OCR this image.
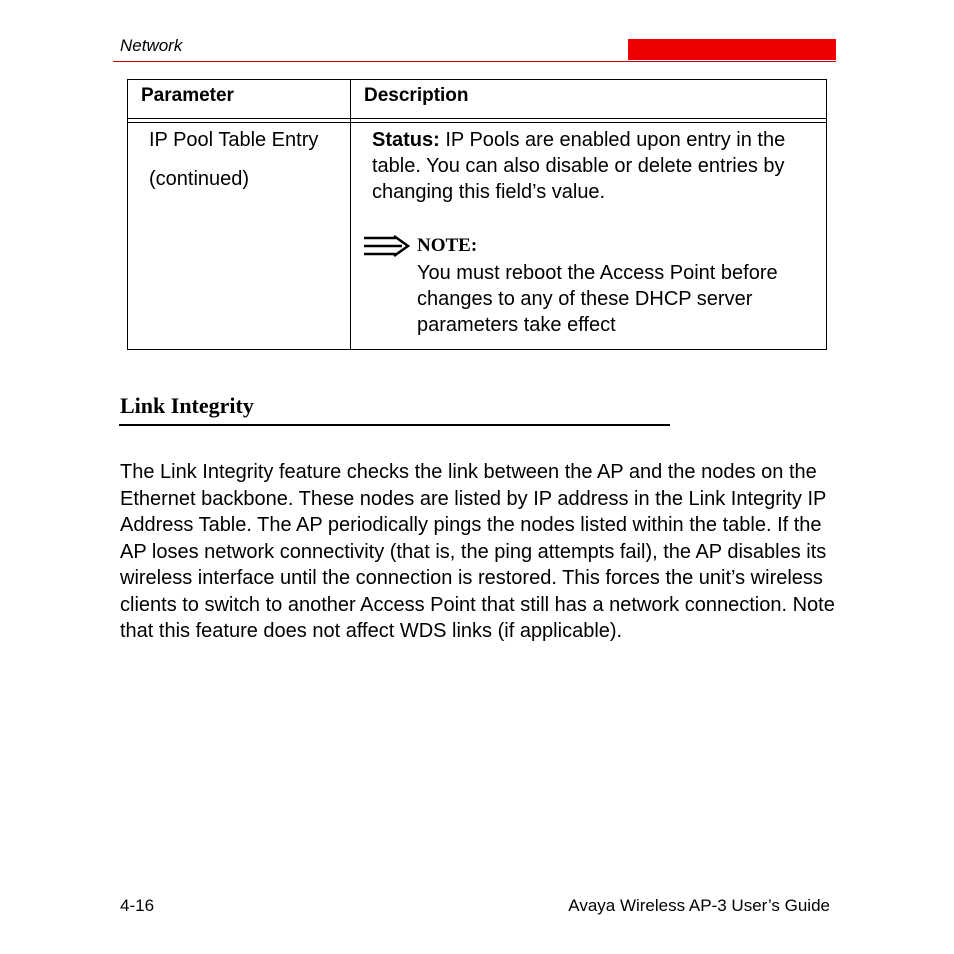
Network
Parameter	Description
IP Pool Table Entry
(continued)
Status: IP Pools are enabled upon entry in the table. You can also disable or delete entries by changing this field’s value.
NOTE:
You must reboot the Access Point before changes to any of these DHCP server parameters take effect
Link Integrity
The Link Integrity feature checks the link between the AP and the nodes on the Ethernet backbone. These nodes are listed by IP address in the Link Integrity IP Address Table. The AP periodically pings the nodes listed within the table. If the AP loses network connectivity (that is, the ping attempts fail), the AP disables its wireless interface until the connection is restored. This forces the unit’s wireless clients to switch to another Access Point that still has a network connection. Note that this feature does not affect WDS links (if applicable).
4-16	Avaya Wireless AP-3 User’s Guide
